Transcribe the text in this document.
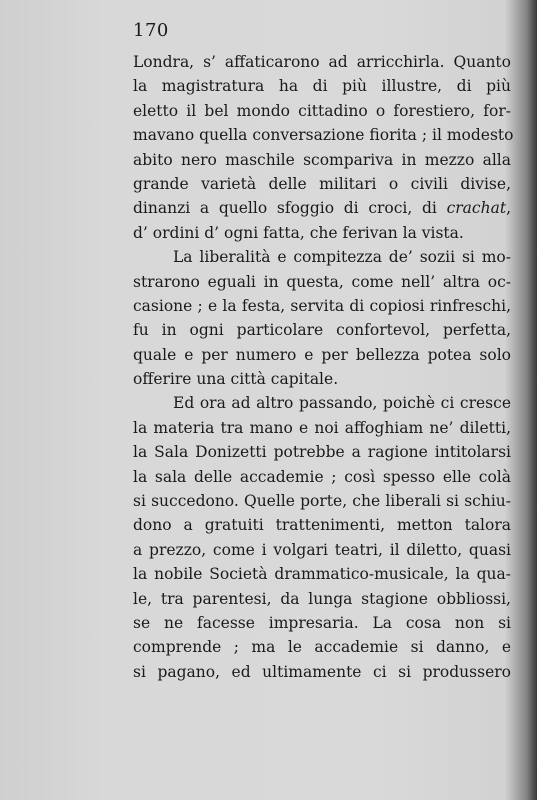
170
Londra, s’ affaticarono ad arricchirla. Quanto
la magistratura ha di più illustre, di più
eletto il bel mondo cittadino o forestiero, for-
mavano quella conversazione fiorita ; il modesto
abito nero maschile scompariva in mezzo alla
grande varietà delle militari o civili divise,
dinanzi a quello sfoggio di croci, di crachat,
d’ ordini d’ ogni fatta, che ferivan la vista.
La liberalità e compitezza de’ sozii si mo-
strarono eguali in questa, come nell’ altra oc-
casione ; e la festa, servita di copiosi rinfreschi,
fu in ogni particolare confortevol, perfetta,
quale e per numero e per bellezza potea solo
offerire una città capitale.
Ed ora ad altro passando, poichè ci cresce
la materia tra mano e noi affoghiam ne’ diletti,
la Sala Donizetti potrebbe a ragione intitolarsi
la sala delle accademie ; così spesso elle colà
si succedono. Quelle porte, che liberali si schiu-
dono a gratuiti trattenimenti, metton talora
a prezzo, come i volgari teatri, il diletto, quasi
la nobile Società drammatico-musicale, la qua-
le, tra parentesi, da lunga stagione obbliossi,
se ne facesse impresaria. La cosa non si
comprende ; ma le accademie si danno, e
si pagano, ed ultimamente ci si produssero
